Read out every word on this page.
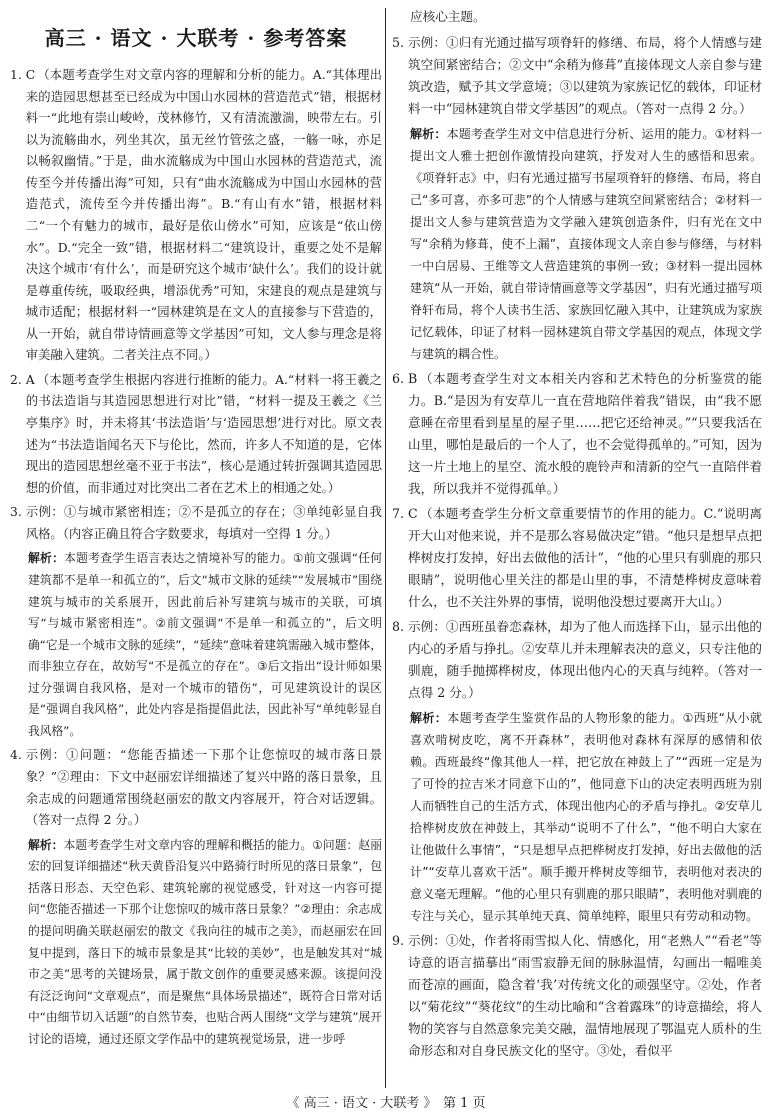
高三 · 语文 · 大联考 · 参考答案
1. C （本题考查学生对文章内容的理解和分析的能力。A.“其体理出来的造园思想甚至已经成为中国山水园林的营造范式”错，根据材料一“此地有崇山峻岭，茂林修竹，又有清流激湍，映带左右。引以为流觞曲水，列坐其次，虽无丝竹管弦之盛，一觞一咏，亦足以畅叙幽情。”于是，曲水流觞成为中国山水园林的营造范式，流传至今并传播出海”可知，只有“曲水流觞成为中国山水园林的营造范式，流传至今并传播出海”。B.“有山有水”错，根据材料二“一个有魅力的城市，最好是依山傍水”可知，应该是“依山傍水”。D.“完全一致”错，根据材料二“建筑设计，重要之处不是解决这个城市‘有什么’，而是研究这个城市‘缺什么’。我们的设计就是尊重传统，吸取经典，增添优秀”可知，宋建良的观点是建筑与城市适配；根据材料一“园林建筑是在文人的直接参与下营造的，从一开始，就自带诗情画意等文学基因”可知，文人参与理念是将审美融入建筑。二者关注点不同。）
2. A （本题考查学生根据内容进行推断的能力。A.“材料一将王羲之的书法造诣与其造园思想进行对比”错，“材料一提及王羲之《兰亭集序》时，并未将其‘书法造诣’与‘造园思想’进行对比。原文表述为“书法造诣闻名天下与伦比，然而，许多人不知道的是，它体现出的造园思想丝毫不亚于书法”，核心是通过转折强调其造园思想的价值，而非通过对比突出二者在艺术上的相通之处。）
3. 示例：①与城市紧密相连；②不是孤立的存在；③单纯彰显自我风格。（内容正确且符合字数要求，每填对一空得 1 分。）
解析：本题考查学生语言表达之情境补写的能力。①前文强调“任何建筑都不是单一和孤立的”，后文“城市文脉的延续”“发展城市”围绕建筑与城市的关系展开，因此前后补写建筑与城市的关联，可填写“与城市紧密相连”。②前文强调“不是单一和孤立的”，后文明确“它是一个城市文脉的延续”，“延续”意味着建筑需融入城市整体，而非独立存在，故妨写“不是孤立的存在”。③后文指出“设计师如果过分强调自我风格，是对一个城市的错伤”，可见建筑设计的误区是“强调自我风格”，此处内容是指提倡此法，因此补写“单纯彰显自我风格”。
4. 示例：①问题：“您能否描述一下那个让您惊叹的城市落日景象？”②理由：下文中赵丽宏详细描述了复兴中路的落日景象，且余志成的问题通常围绕赵丽宏的散文内容展开，符合对话逻辑。（答对一点得 2 分。）
解析：本题考查学生对文章内容的理解和概括的能力。①问题：赵丽宏的回复详细描述“秋天黄昏沿复兴中路骑行时所见的落日景象”，包括落日形态、天空色彩、建筑轮廓的视觉感受，针对这一内容可提问“您能否描述一下那个让您惊叹的城市落日景象？”②理由：余志成的提问明确关联赵丽宏的散文《我向往的城市之美》，而赵丽宏在回复中提到，落日下的城市景象是其“比较的美妙”，也是触发其对“城市之美”思考的关键场景，属于散文创作的重要灵感来源。该提问没有泛泛询问“文章观点”，而是聚焦“具体场景描述”，既符合日常对话中“由细节切入话题”的自然节奏，也贴合两人围绕“文学与建筑”展开讨论的语境，通过还原文学作品中的建筑视觉场景，进一步呼
应核心主题。
5. 示例：①归有光通过描写项脊轩的修缮、布局，将个人情感与建筑空间紧密结合；②文中“余稍为修葺”直接体现文人亲自参与建筑改造，赋予其文学意境；③以建筑为家族记忆的载体，印证材料一中“园林建筑自带文学基因”的观点。（答对一点得 2 分。）
解析：本题考查学生对文中信息进行分析、运用的能力。①材料一提出文人雅士把创作激情投向建筑，抒发对人生的感悟和思索。《项脊轩志》中，归有光通过描写书屋项脊轩的修缮、布局，将自己“多可喜，亦多可悲”的个人情感与建筑空间紧密结合；②材料一提出文人参与建筑营造为文学融入建筑创造条件，归有光在文中写“余稍为修葺，使不上漏”，直接体现文人亲自参与修缮，与材料一中白居易、王维等文人营造建筑的事例一致；③材料一提出园林建筑“从一开始，就自带诗情画意等文学基因”，归有光通过描写项脊轩布局，将个人读书生活、家族回忆融入其中，让建筑成为家族记忆载体，印证了材料一园林建筑自带文学基因的观点，体现文学与建筑的耦合性。
6. B （本题考查学生对文本相关内容和艺术特色的分析鉴赏的能力。B.“是因为有安草儿一直在营地陪伴着我”错误，由“我不愿意睡在帝里看到星星的屋子里……把它还给神灵。”“只要我活在山里，哪怕是最后的一个人了，也不会觉得孤单的。”可知，因为这一片土地上的星空、流水般的鹿铃声和清新的空气一直陪伴着我，所以我并不觉得孤单。）
7. C （本题考查学生分析文章重要情节的作用的能力。C.“说明离开大山对他来说，并不是那么容易做决定”错。“他只是想早点把桦树皮打发掉，好出去做他的活计”，“他的心里只有驯鹿的那只眼睛”，说明他心里关注的都是山里的事，不清楚桦树皮意味着什么，也不关注外界的事情，说明他没想过要离开大山。）
8. 示例：①西班虽眷恋森林，却为了他人而选择下山，显示出他的内心的矛盾与挣扎。②安草儿并未理解表决的意义，只专注他的驯鹿，随手抛掷桦树皮，体现出他内心的天真与纯粹。（答对一点得 2 分。）
解析：本题考查学生鉴赏作品的人物形象的能力。①西班“从小就喜欢啃树皮吃，离不开森林”，表明他对森林有深厚的感情和依赖。西班最终“像其他人一样，把它放在神鼓上了”“西班一定是为了可怜的拉吉米才同意下山的”，他同意下山的决定表明西班为别人而牺牲自己的生活方式，体现出他内心的矛盾与挣扎。②安草儿拾桦树皮放在神鼓上，其举动“说明不了什么”，“他不明白大家在让他做什么事情”，“只是想早点把桦树皮打发掉，好出去做他的活计”“安草儿喜欢干活”。顺手搬开桦树皮等细节，表明他对表决的意义毫无理解。“他的心里只有驯鹿的那只眼睛”，表明他对驯鹿的专注与关心，显示其单纯天真、简单纯粹，眼里只有劳动和动物。
9. 示例：①处，作者将雨雪拟人化、情感化，用“老熟人”“看老”等诗意的语言描摹出“雨雪寂静无间的脉脉温情，勾画出一幅唯美而苍凉的画面，隐含着‘我’对传统文化的顽强坚守。②处，作者以“菊花纹”“葵花纹”的生动比喻和“含着露珠”的诗意描绘，将人物的笑容与自然意象完美交融，温情地展现了鄂温克人质朴的生命形态和对自身民族文化的坚守。③处，看似平
《 高三 · 语文 · 大联考 》　第 1 页
